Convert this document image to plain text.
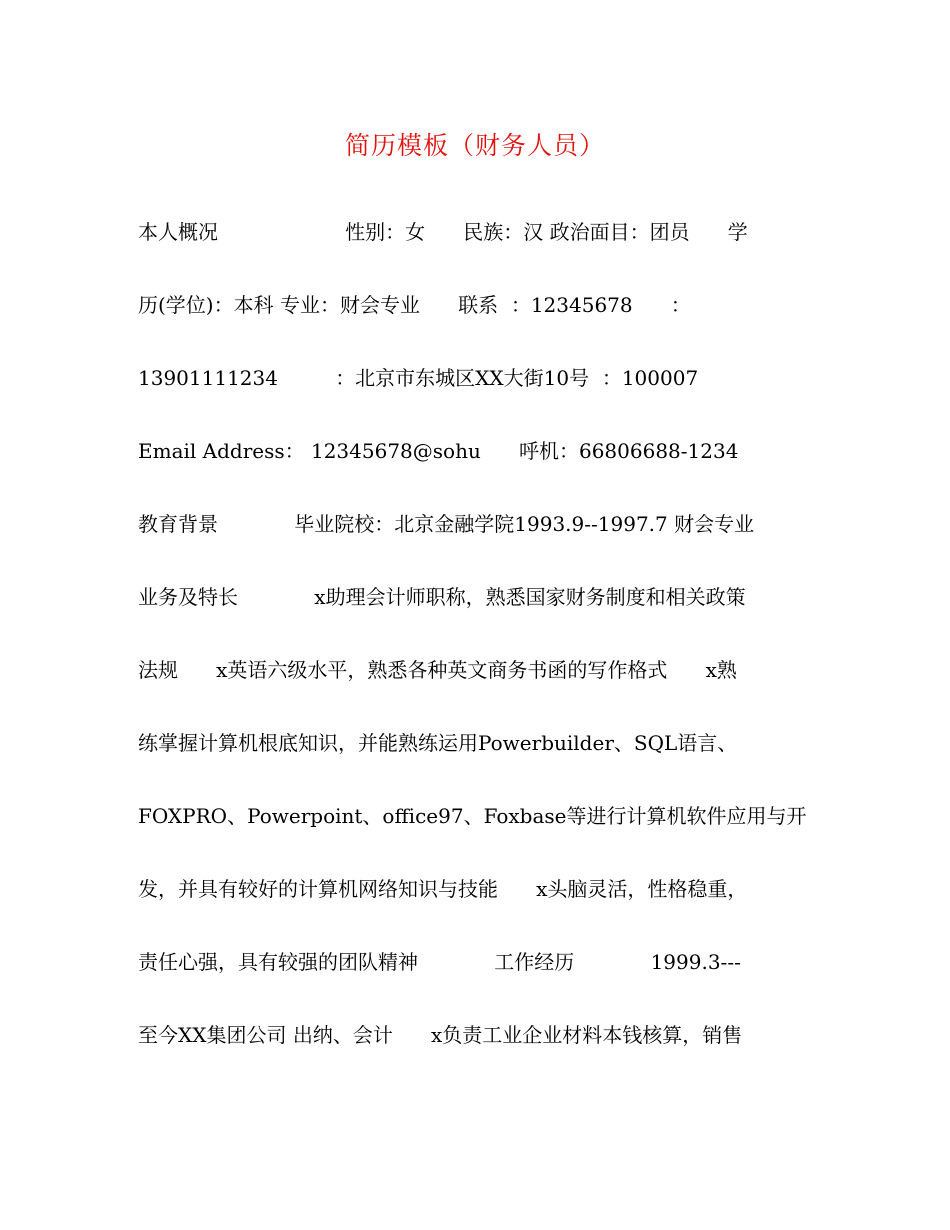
简历模板（财务人员）
本人概况                    性别：女      民族：汉 政治面目：团员      学
历(学位)：本科 专业：财会专业      联系  ：12345678      ：
13901111234         ：北京市东城区XX大街10号  ：100007
Email Address： 12345678@sohu      呼机：66806688-1234
教育背景            毕业院校：北京金融学院1993.9--1997.7 财会专业
业务及特长            x助理会计师职称，熟悉国家财务制度和相关政策
法规      x英语六级水平，熟悉各种英文商务书函的写作格式      x熟
练掌握计算机根底知识，并能熟练运用Powerbuilder、SQL语言、
FOXPRO、Powerpoint、office97、Foxbase等进行计算机软件应用与开
发，并具有较好的计算机网络知识与技能      x头脑灵活，性格稳重，
责任心强，具有较强的团队精神            工作经历            1999.3---
至今XX集团公司 出纳、会计      x负责工业企业材料本钱核算，销售
